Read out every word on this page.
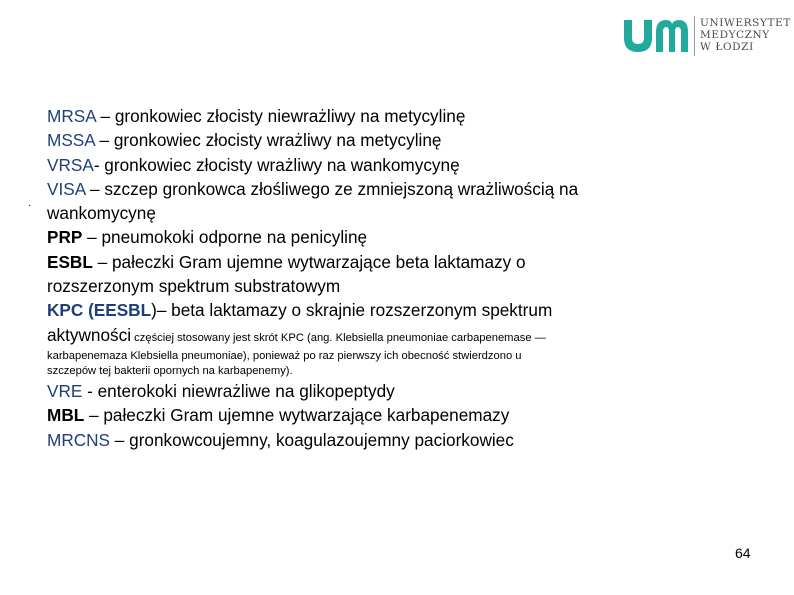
UNIWERSYTET
MEDYCZNY
W ŁODZI
·
MRSA – gronkowiec złocisty niewrażliwy na metycylinę
MSSA – gronkowiec złocisty wrażliwy na metycylinę
VRSA- gronkowiec złocisty wrażliwy na wankomycynę
VISA – szczep gronkowca złośliwego ze zmniejszoną wrażliwością na
wankomycynę
PRP – pneumokoki odporne na penicylinę
ESBL – pałeczki Gram ujemne wytwarzające beta laktamazy o
rozszerzonym spektrum substratowym
KPC (EESBL)– beta laktamazy o skrajnie rozszerzonym spektrum
aktywności częściej stosowany jest skrót KPC (ang. Klebsiella pneumoniae carbapenemase —
karbapenemaza Klebsiella pneumoniae), ponieważ po raz pierwszy ich obecność stwierdzono u
szczepów tej bakterii opornych na karbapenemy).
VRE - enterokoki niewrażliwe na glikopeptydy
MBL – pałeczki Gram ujemne wytwarzające karbapenemazy
MRCNS – gronkowcoujemny, koagulazoujemny paciorkowiec
64
